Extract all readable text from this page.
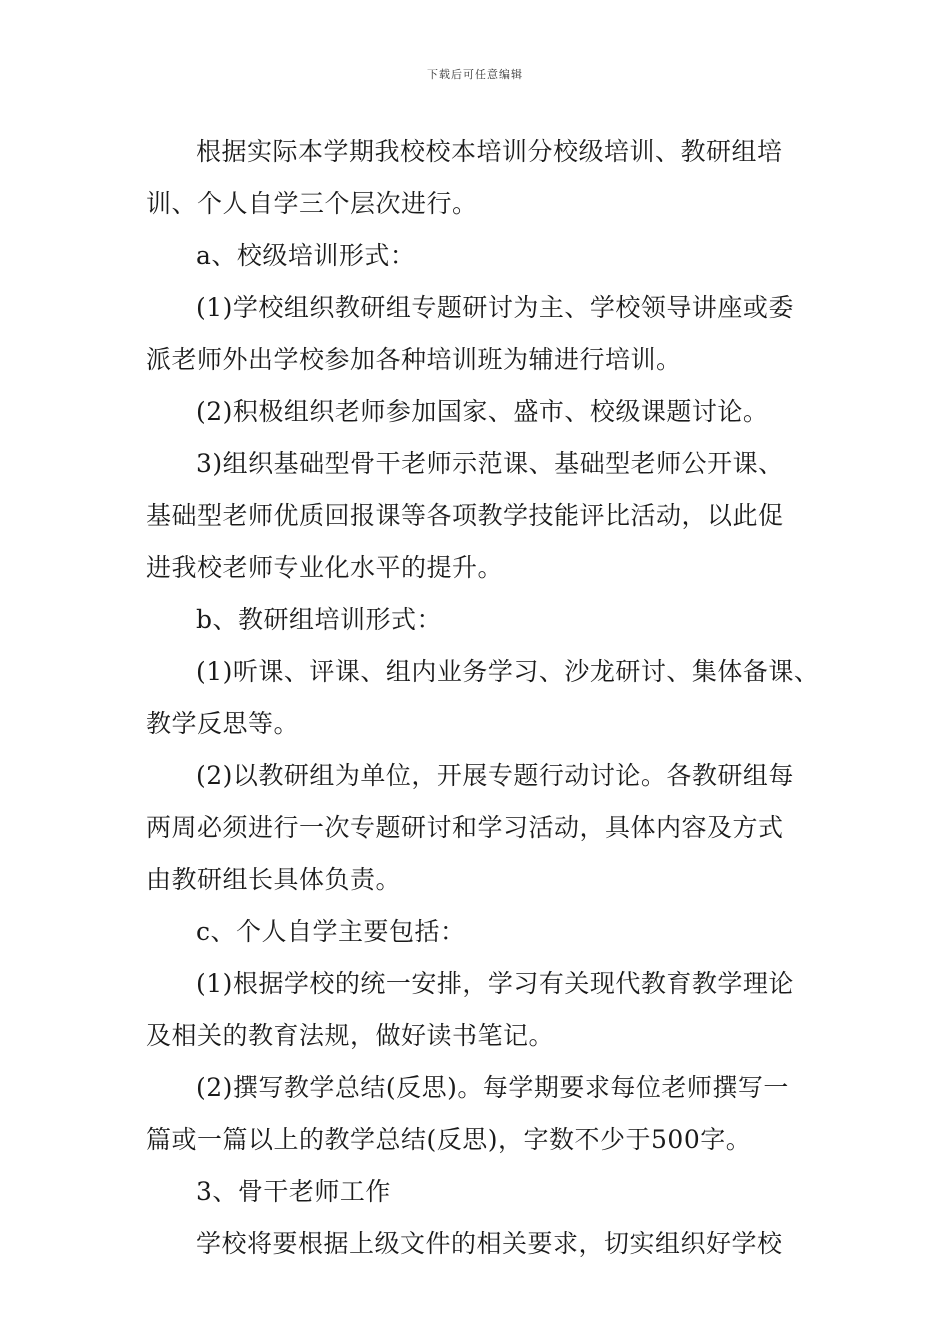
下载后可任意编辑
根据实际本学期我校校本培训分校级培训、教研组培
训、个人自学三个层次进行。
a、校级培训形式：
(1)学校组织教研组专题研讨为主、学校领导讲座或委
派老师外出学校参加各种培训班为辅进行培训。
(2)积极组织老师参加国家、盛市、校级课题讨论。
3)组织基础型骨干老师示范课、基础型老师公开课、
基础型老师优质回报课等各项教学技能评比活动，以此促
进我校老师专业化水平的提升。
b、教研组培训形式：
(1)听课、评课、组内业务学习、沙龙研讨、集体备课、
教学反思等。
(2)以教研组为单位，开展专题行动讨论。各教研组每
两周必须进行一次专题研讨和学习活动，具体内容及方式
由教研组长具体负责。
c、个人自学主要包括：
(1)根据学校的统一安排，学习有关现代教育教学理论
及相关的教育法规，做好读书笔记。
(2)撰写教学总结(反思)。每学期要求每位老师撰写一
篇或一篇以上的教学总结(反思)，字数不少于500字。
3、骨干老师工作
学校将要根据上级文件的相关要求，切实组织好学校
